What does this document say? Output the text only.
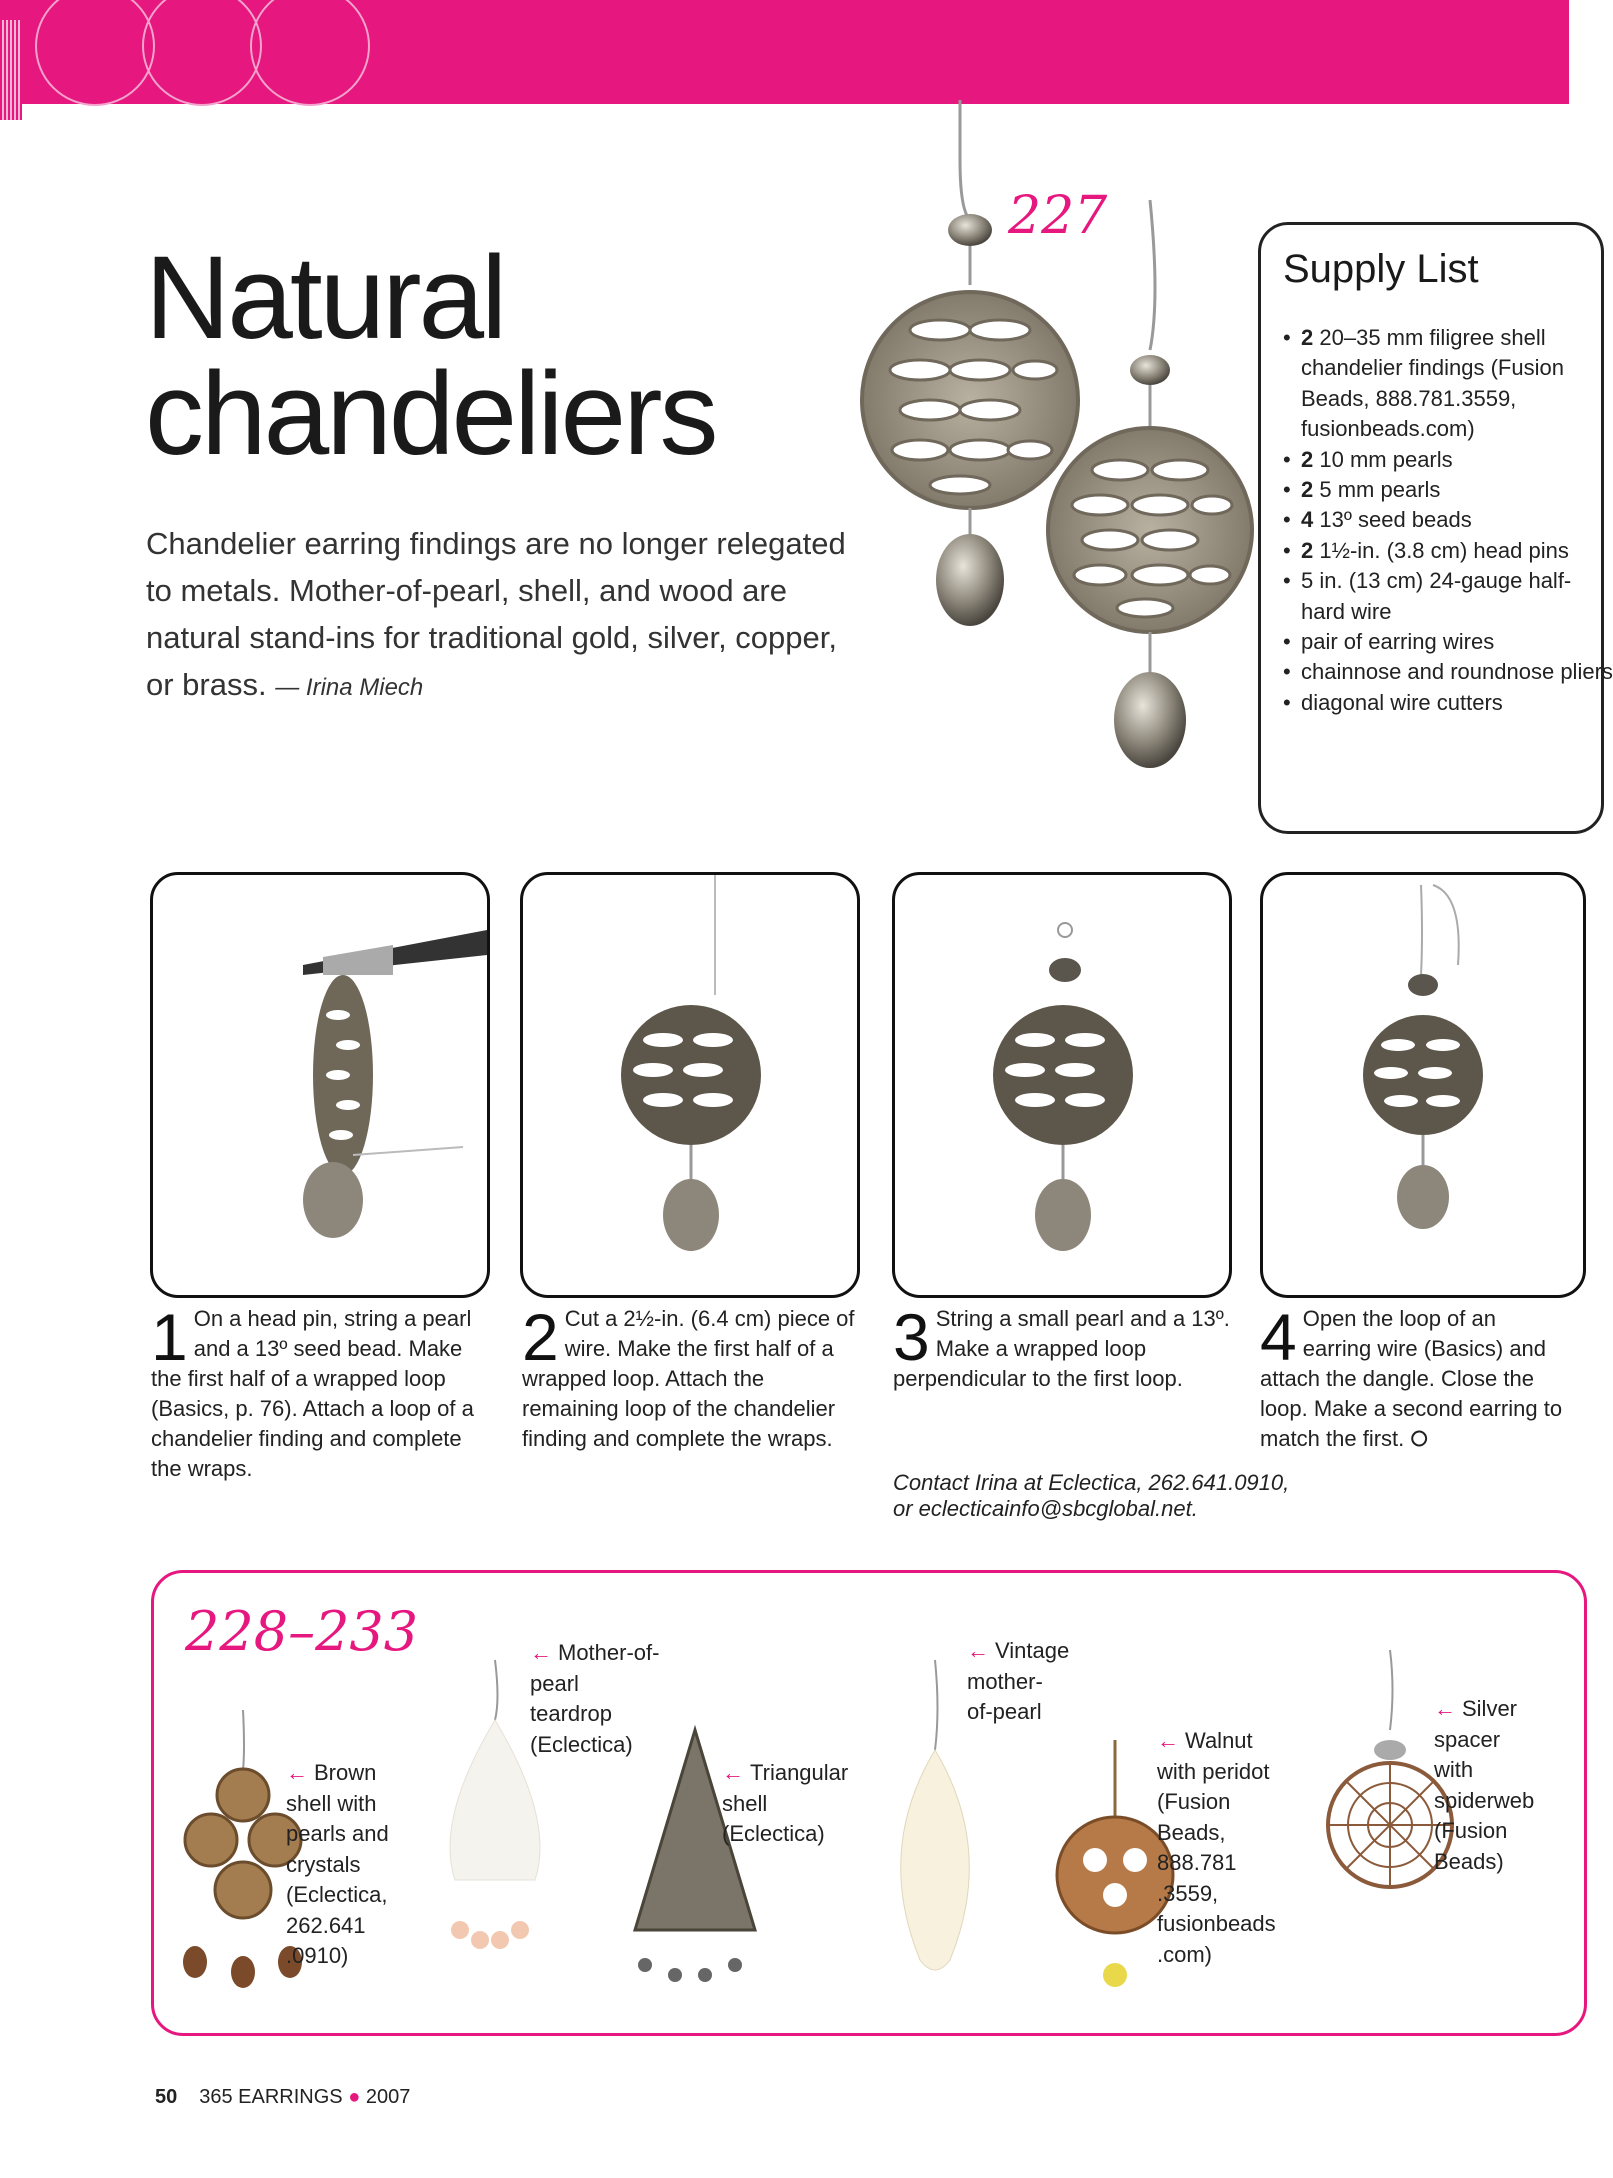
Natural
chandeliers

Chandelier earring findings are no longer relegated to metals. Mother-of-pearl, shell, and wood are natural stand-ins for traditional gold, silver, copper, or brass. — Irina Miech

227
Supply List
• 2 20–35 mm filigree shell chandelier findings (Fusion Beads, 888.781.3559, fusionbeads.com)
• 2 10 mm pearls
• 2 5 mm pearls
• 4 13º seed beads
• 2 1½-in. (3.8 cm) head pins
• 5 in. (13 cm) 24-gauge half-hard wire
• pair of earring wires
• chainnose and roundnose pliers
• diagonal wire cutters
1 On a head pin, string a pearl and a 13º seed bead. Make the first half of a wrapped loop (Basics, p. 76). Attach a loop of a chandelier finding and complete the wraps.
2 Cut a 2½-in. (6.4 cm) piece of wire. Make the first half of a wrapped loop. Attach the remaining loop of the chandelier finding and complete the wraps.
3 String a small pearl and a 13º. Make a wrapped loop perpendicular to the first loop.
4 Open the loop of an earring wire (Basics) and attach the dangle. Close the loop. Make a second earring to match the first. ⭘
Contact Irina at Eclectica, 262.641.0910,
or eclecticainfo@sbcglobal.net.
228–233
← Brown
shell with
pearls and
crystals
(Eclectica,
262.641
.0910)
← Mother-of-
pearl
teardrop
(Eclectica)
← Triangular
shell
(Eclectica)
← Vintage
mother-
of-pearl
← Walnut
with peridot
(Fusion
Beads,
888.781
.3559,
fusionbeads
.com)
← Silver
spacer
with
spiderweb
(Fusion
Beads)
50 365 EARRINGS ● 2007
